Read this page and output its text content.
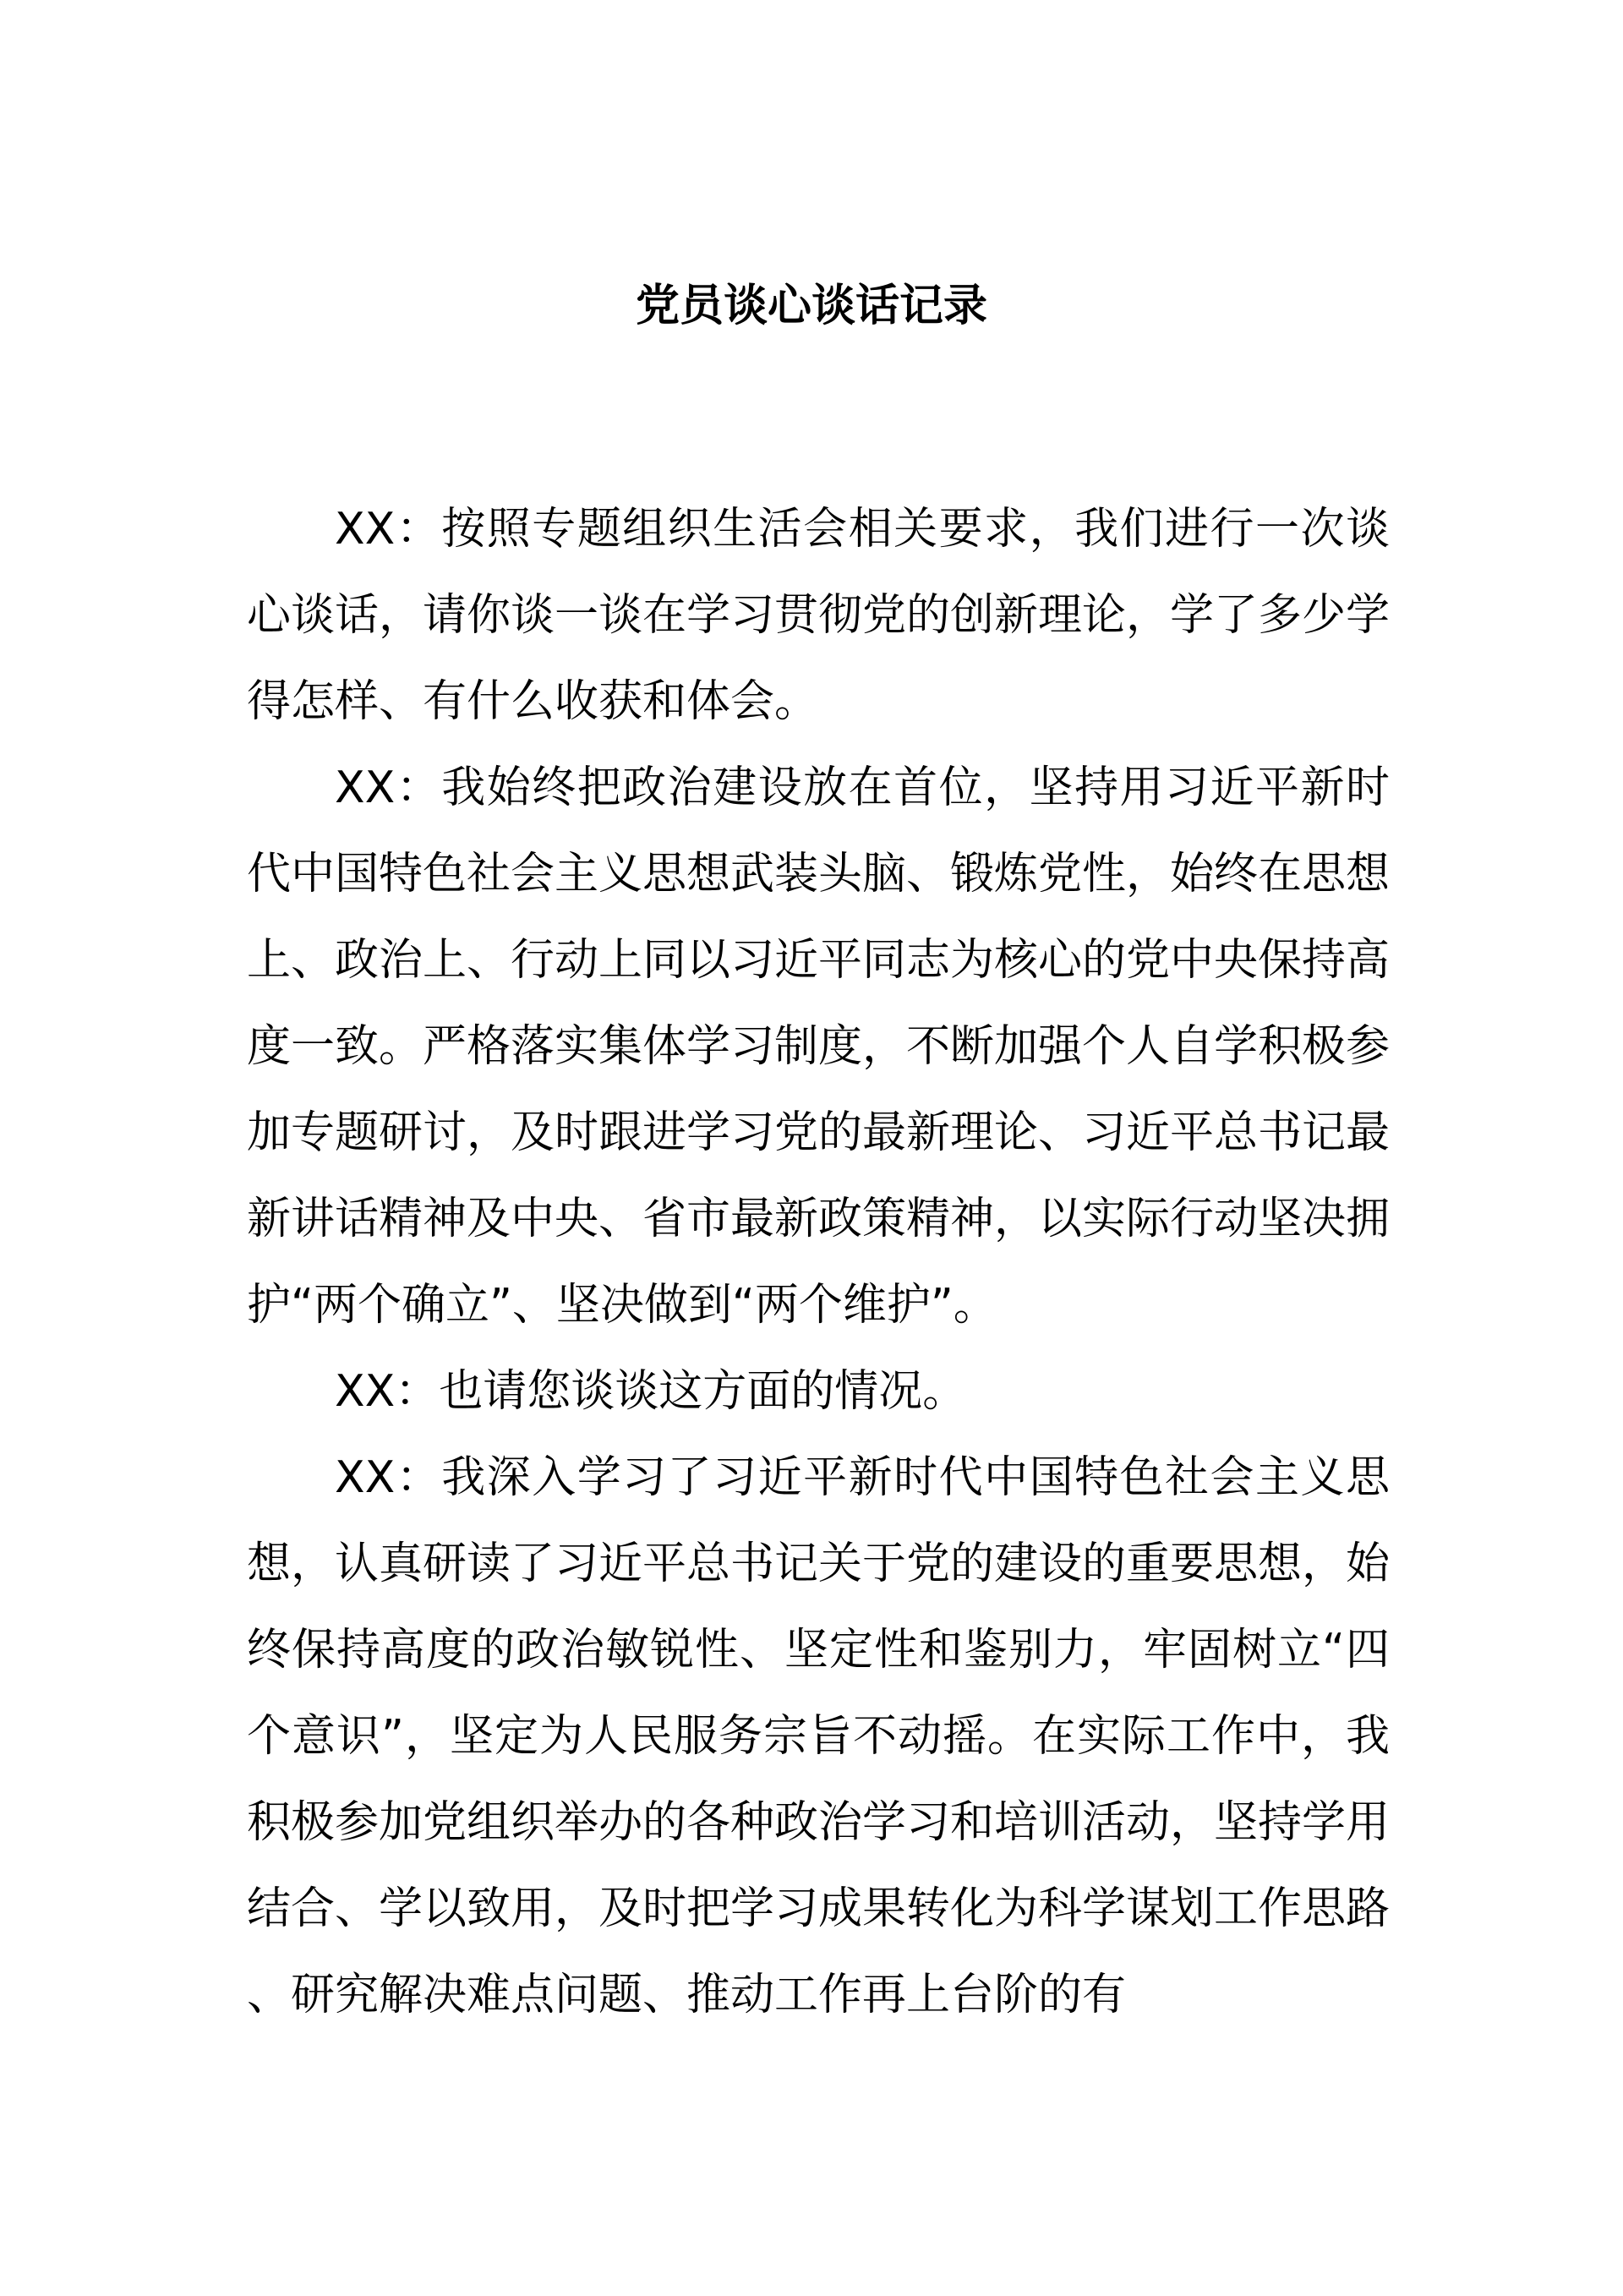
党员谈心谈话记录

XX：按照专题组织生活会相关要求，我们进行一次谈心谈话，请你谈一谈在学习贯彻党的创新理论，学了多少学得怎样、有什么收获和体会。

XX：我始终把政治建设放在首位，坚持用习近平新时代中国特色社会主义思想武装头脑、锻炼党性，始终在思想上、政治上、行动上同以习近平同志为核心的党中央保持高度一致。严格落实集体学习制度，不断加强个人自学积极参加专题研讨，及时跟进学习党的最新理论、习近平总书记最新讲话精神及中央、省市最新政策精神，以实际行动坚决拥护“两个确立”、坚决做到“两个维护”。

XX：也请您谈谈这方面的情况。

XX：我深入学习了习近平新时代中国特色社会主义思想，认真研读了习近平总书记关于党的建设的重要思想，始终保持高度的政治敏锐性、坚定性和鉴别力，牢固树立“四个意识”，坚定为人民服务宗旨不动摇。在实际工作中，我积极参加党组织举办的各种政治学习和培训活动，坚持学用结合、学以致用，及时把学习成果转化为科学谋划工作思路、研究解决难点问题、推动工作再上台阶的有
